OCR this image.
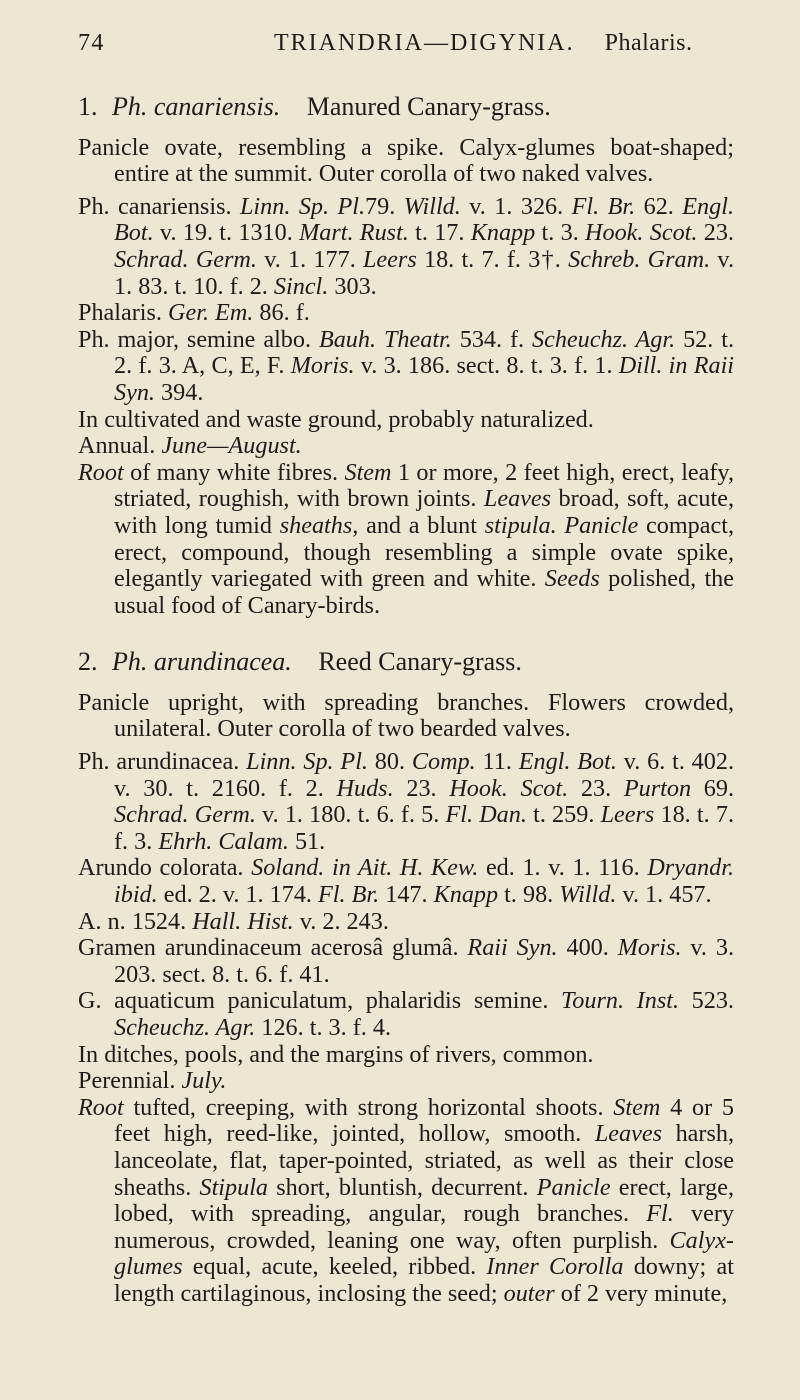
74	TRIANDRIA—DIGYNIA. Phalaris.
1. Ph. canariensis. Manured Canary-grass.

Panicle ovate, resembling a spike. Calyx-glumes boat-shaped; entire at the summit. Outer corolla of two naked valves.

Ph. canariensis. Linn. Sp. Pl.79. Willd. v. 1. 326. Fl. Br. 62. Engl. Bot. v. 19. t. 1310. Mart. Rust. t. 17. Knapp t. 3. Hook. Scot. 23. Schrad. Germ. v. 1. 177. Leers 18. t. 7. f. 3†. Schreb. Gram. v. 1. 83. t. 10. f. 2. Sincl. 303.

Phalaris. Ger. Em. 86. f.

Ph. major, semine albo. Bauh. Theatr. 534. f. Scheuchz. Agr. 52. t. 2. f. 3. A, C, E, F. Moris. v. 3. 186. sect. 8. t. 3. f. 1. Dill. in Raii Syn. 394.

In cultivated and waste ground, probably naturalized.

Annual. June—August.

Root of many white fibres. Stem 1 or more, 2 feet high, erect, leafy, striated, roughish, with brown joints. Leaves broad, soft, acute, with long tumid sheaths, and a blunt stipula. Panicle compact, erect, compound, though resembling a simple ovate spike, elegantly variegated with green and white. Seeds polished, the usual food of Canary-birds.

2. Ph. arundinacea. Reed Canary-grass.

Panicle upright, with spreading branches. Flowers crowded, unilateral. Outer corolla of two bearded valves.

Ph. arundinacea. Linn. Sp. Pl. 80. Comp. 11. Engl. Bot. v. 6. t. 402. v. 30. t. 2160. f. 2. Huds. 23. Hook. Scot. 23. Purton 69. Schrad. Germ. v. 1. 180. t. 6. f. 5. Fl. Dan. t. 259. Leers 18. t. 7. f. 3. Ehrh. Calam. 51.

Arundo colorata. Soland. in Ait. H. Kew. ed. 1. v. 1. 116. Dryandr. ibid. ed. 2. v. 1. 174. Fl. Br. 147. Knapp t. 98. Willd. v. 1. 457.

A. n. 1524. Hall. Hist. v. 2. 243.

Gramen arundinaceum acerosâ glumâ. Raii Syn. 400. Moris. v. 3. 203. sect. 8. t. 6. f. 41.

G. aquaticum paniculatum, phalaridis semine. Tourn. Inst. 523. Scheuchz. Agr. 126. t. 3. f. 4.

In ditches, pools, and the margins of rivers, common.

Perennial. July.

Root tufted, creeping, with strong horizontal shoots. Stem 4 or 5 feet high, reed-like, jointed, hollow, smooth. Leaves harsh, lanceolate, flat, taper-pointed, striated, as well as their close sheaths. Stipula short, bluntish, decurrent. Panicle erect, large, lobed, with spreading, angular, rough branches. Fl. very numerous, crowded, leaning one way, often purplish. Calyx-glumes equal, acute, keeled, ribbed. Inner Corolla downy; at length cartilaginous, inclosing the seed; outer of 2 very minute,
